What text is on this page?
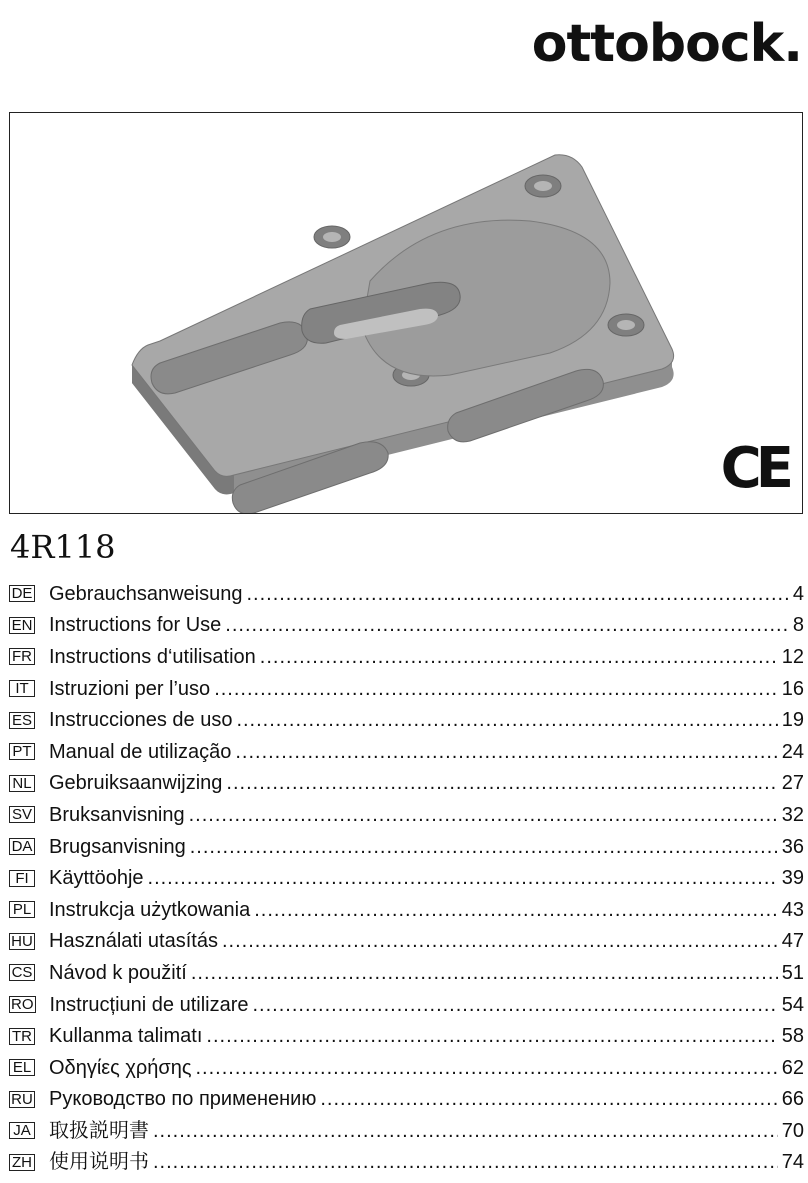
ottobock.
CE
4R118
DE Gebrauchsanweisung .....	4
EN Instructions for Use .....	8
FR Instructions d‘utilisation .....	12
IT	Istruzioni per l’uso .....	16
ES Instrucciones de uso .....	19
PT Manual de utilização .....	24
NL Gebruiksaanwijzing .....	27
SV Bruksanvisning .....	32
DA Brugsanvisning .....	36
FI	Käyttöohje .....	39
PL Instrukcja użytkowania .....	43
HU Használati utasítás .....	47
CS Návod k použití .....	51
RO Instrucțiuni de utilizare .....	54
TR Kullanma talimatı .....	58
EL Οδηγίες χρήσης .....	62
RU Руководство по применению .....	66
JA 取扱説明書 .....	70
ZH 使用说明书 .....	74
